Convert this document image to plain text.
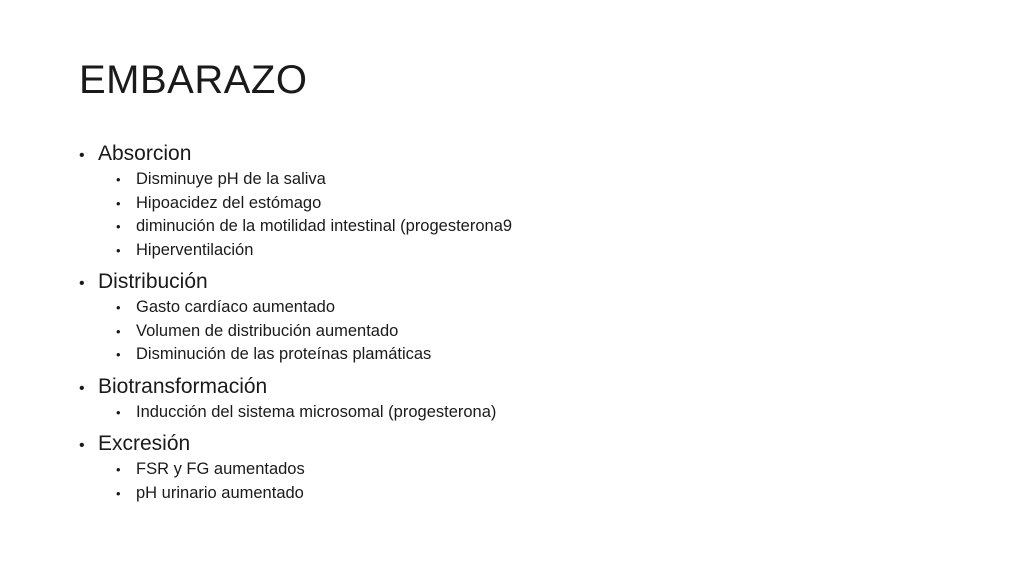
EMBARAZO
• Absorcion
• Disminuye pH de la saliva
• Hipoacidez del estómago
• diminución de la motilidad intestinal (progesterona9
• Hiperventilación
• Distribución
• Gasto cardíaco aumentado
• Volumen de distribución aumentado
• Disminución de las proteínas plamáticas
• Biotransformación
• Inducción del sistema microsomal (progesterona)
• Excresión
• FSR y FG aumentados
• pH urinario aumentado
